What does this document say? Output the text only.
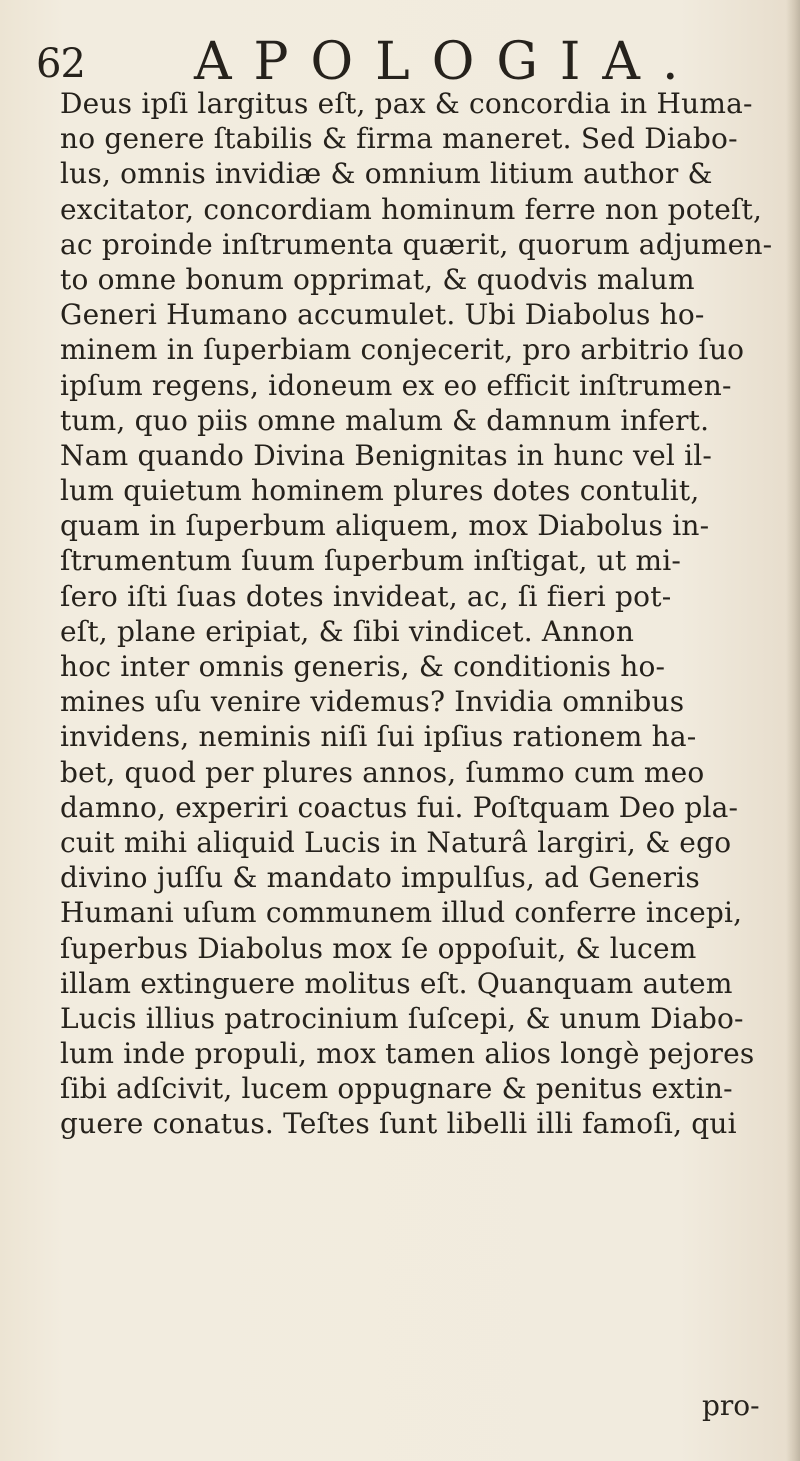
62 APOLOGIA.
Deus ipſi largitus eſt, pax & concordia in Huma-
no genere ſtabilis & firma maneret. Sed Diabo-
lus, omnis invidiæ & omnium litium author &
excitator, concordiam hominum ferre non poteſt,
ac proinde inſtrumenta quærit, quorum adjumen-
to omne bonum opprimat, & quodvis malum
Generi Humano accumulet. Ubi Diabolus ho-
minem in ſuperbiam conjecerit, pro arbitrio ſuo
ipſum regens, idoneum ex eo efficit inſtrumen-
tum, quo piis omne malum & damnum infert.
Nam quando Divina Benignitas in hunc vel il-
lum quietum hominem plures dotes contulit,
quam in ſuperbum aliquem, mox Diabolus in-
ſtrumentum ſuum ſuperbum inſtigat, ut mi-
ſero iſti ſuas dotes invideat, ac, ſi fieri pot-
eſt, plane eripiat, & ſibi vindicet. Annon
hoc inter omnis generis, & conditionis ho-
mines uſu venire videmus? Invidia omnibus
invidens, neminis niſi ſui ipſius rationem ha-
bet, quod per plures annos, ſummo cum meo
damno, experiri coactus fui. Poſtquam Deo pla-
cuit mihi aliquid Lucis in Naturâ largiri, & ego
divino juſſu & mandato impulſus, ad Generis
Humani uſum communem illud conferre incepi,
ſuperbus Diabolus mox ſe oppoſuit, & lucem
illam extinguere molitus eſt. Quanquam autem
Lucis illius patrocinium ſuſcepi, & unum Diabo-
lum inde propuli, mox tamen alios longè pejores
ſibi adſcivit, lucem oppugnare & penitus extin-
guere conatus. Teſtes ſunt libelli illi famoſi, qui
pro-
